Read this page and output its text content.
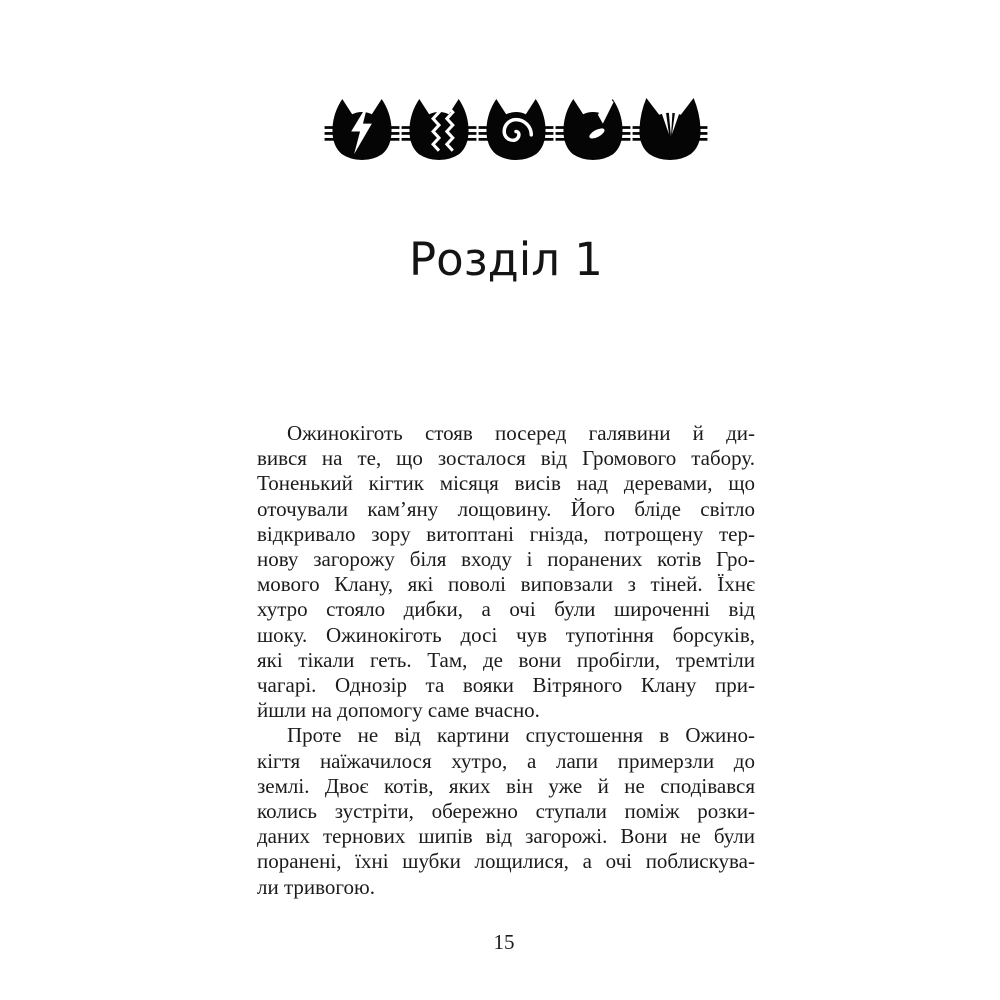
Розділ 1
Ожинокіготь стояв посеред галявини й ди-
вився на те, що зосталося від Громового табору.
Тоненький кігтик місяця висів над деревами, що
оточували кам’яну лощовину. Його бліде світло
відкривало зору витоптані гнізда, потрощену тер-
нову загорожу біля входу і поранених котів Гро-
мового Клану, які поволі виповзали з тіней. Їхнє
хутро стояло дибки, а очі були широченні від
шоку. Ожинокіготь досі чув тупотіння борсуків,
які тікали геть. Там, де вони пробігли, тремтіли
чагарі. Однозір та вояки Вітряного Клану при-
йшли на допомогу саме вчасно.
Проте не від картини спустошення в Ожино-
кігтя наїжачилося хутро, а лапи примерзли до
землі. Двоє котів, яких він уже й не сподівався
колись зустріти, обережно ступали поміж розки-
даних тернових шипів від загорожі. Вони не були
поранені, їхні шубки лощилися, а очі поблискува-
ли тривогою.
15
